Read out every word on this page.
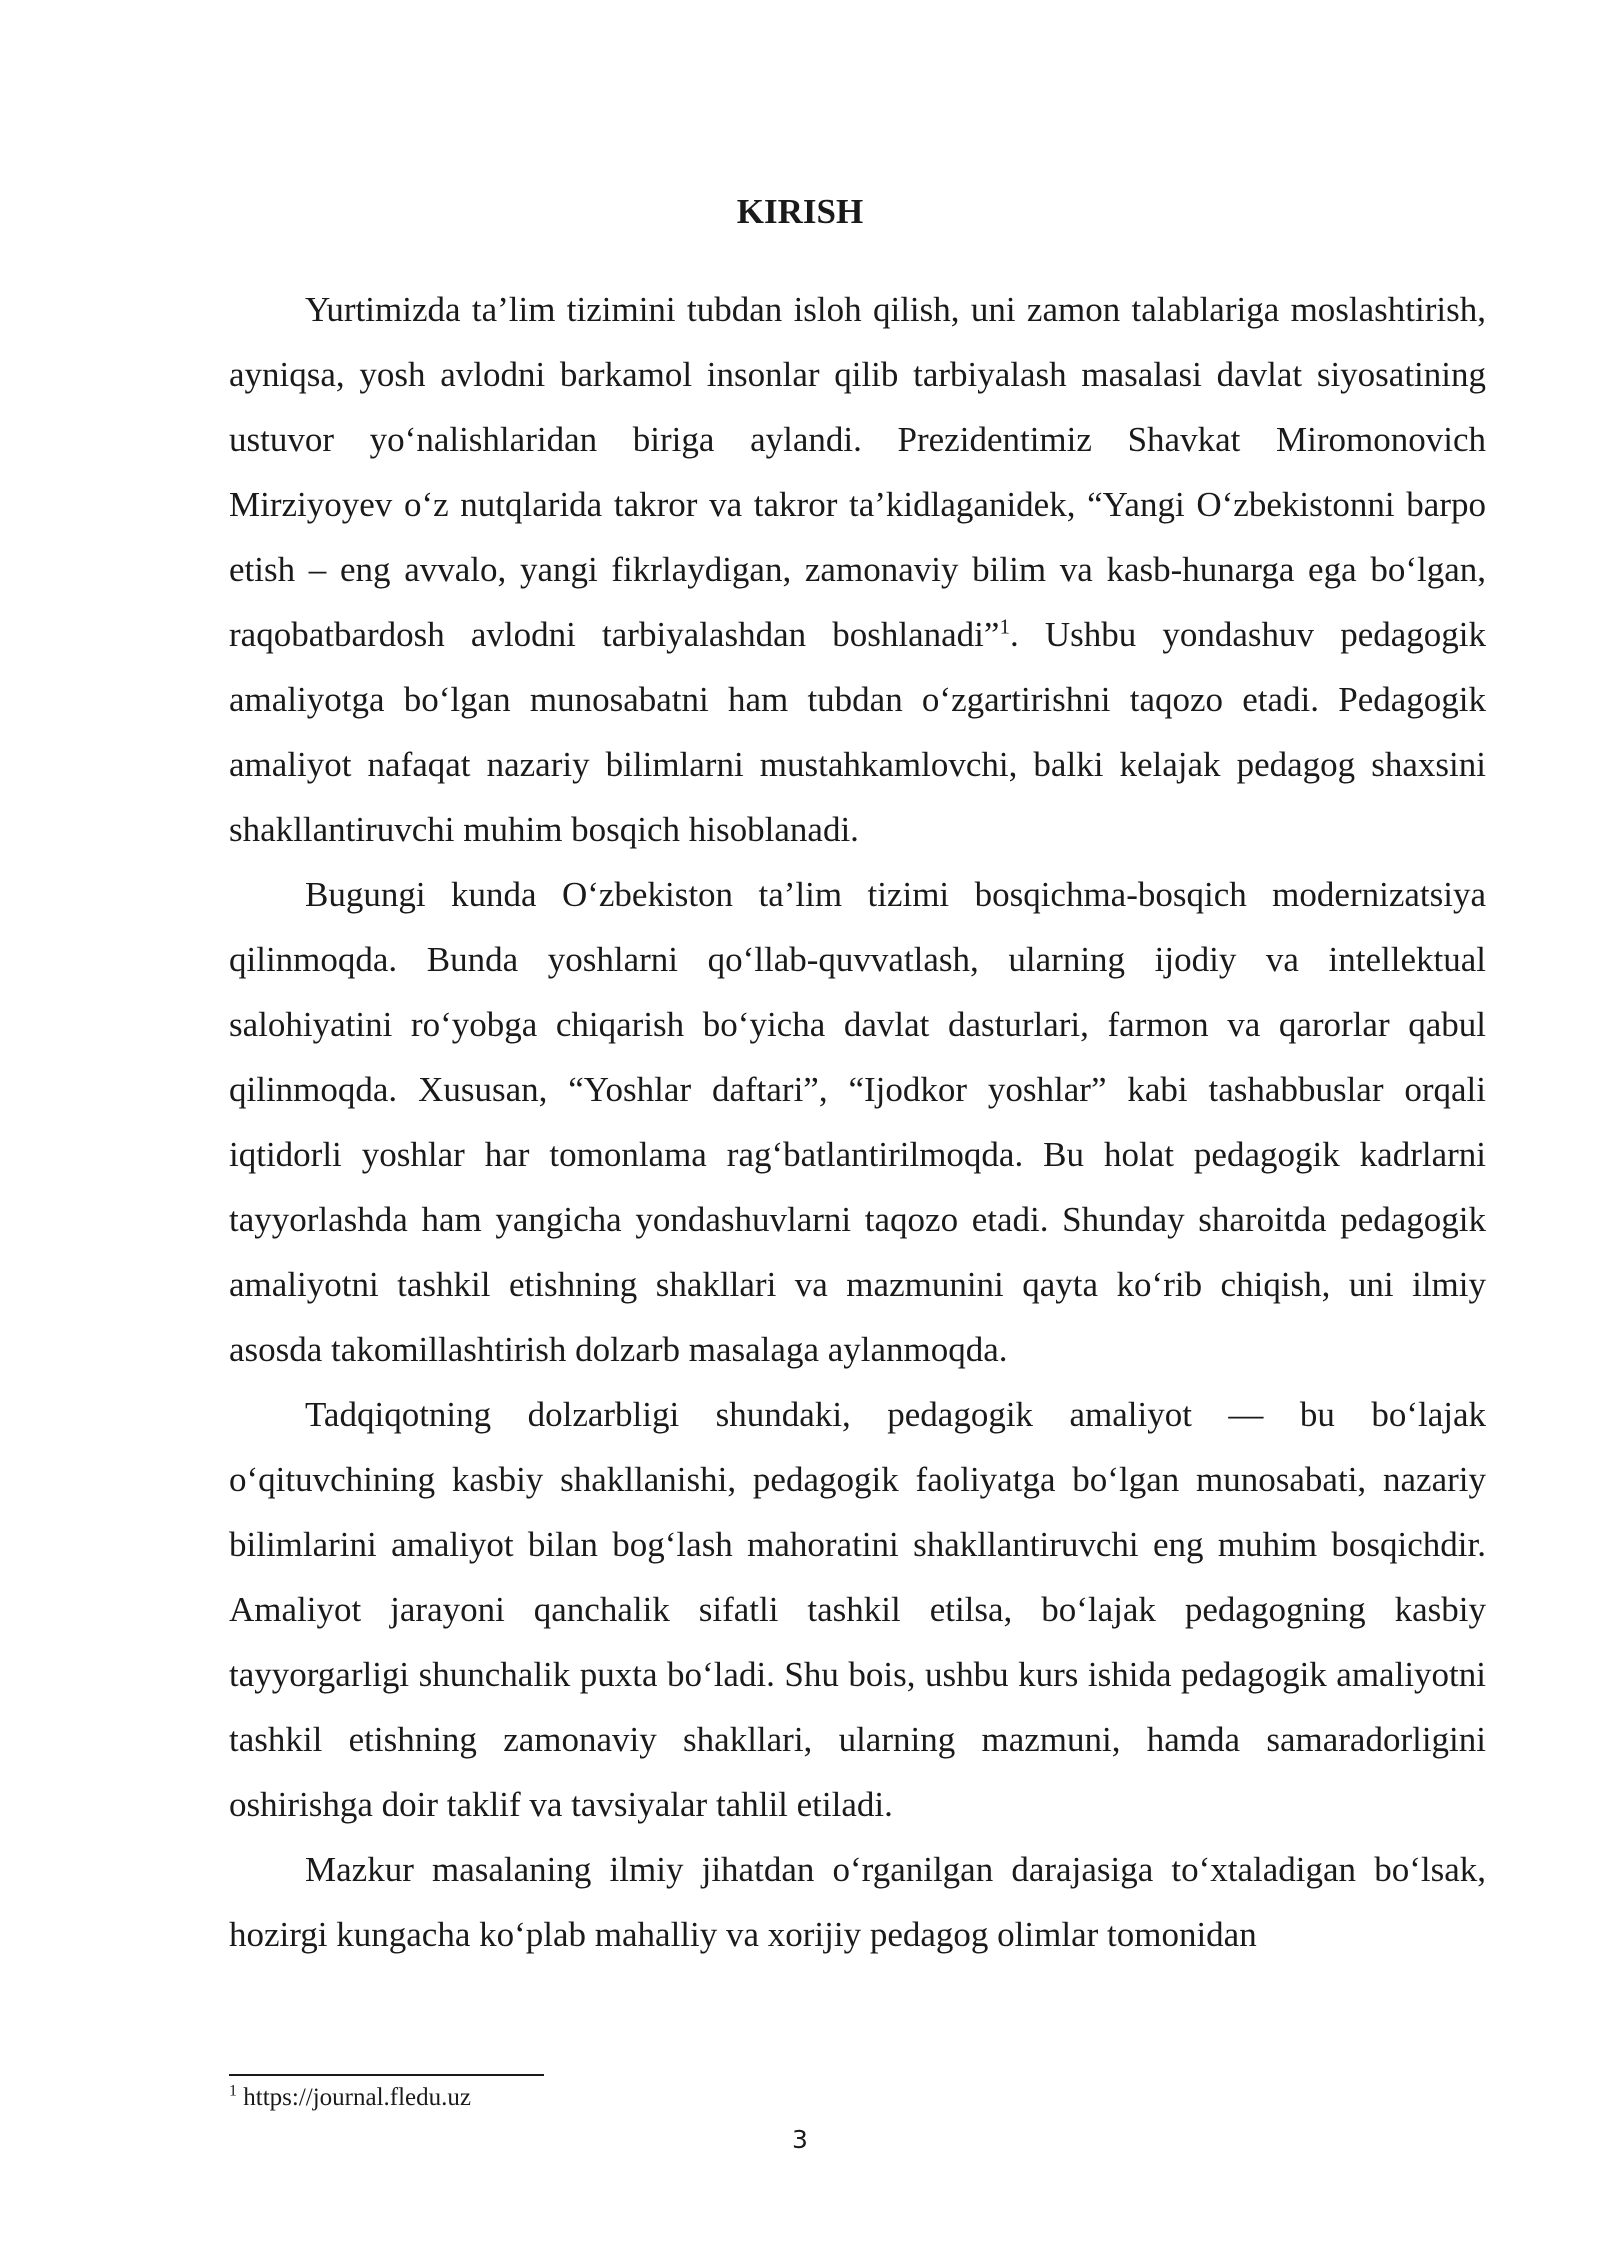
KIRISH

Yurtimizda ta’lim tizimini tubdan isloh qilish, uni zamon talablariga moslashtirish, ayniqsa, yosh avlodni barkamol insonlar qilib tarbiyalash masalasi davlat siyosatining ustuvor yo‘nalishlaridan biriga aylandi. Prezidentimiz Shavkat Miromonovich Mirziyoyev o‘z nutqlarida takror va takror ta’kidlaganidek, “Yangi O‘zbekistonni barpo etish – eng avvalo, yangi fikrlaydigan, zamonaviy bilim va kasb-hunarga ega bo‘lgan, raqobatbardosh avlodni tarbiyalashdan boshlanadi”$^1$. Ushbu yondashuv pedagogik amaliyotga bo‘lgan munosabatni ham tubdan o‘zgartirishni taqozo etadi. Pedagogik amaliyot nafaqat nazariy bilimlarni mustahkamlovchi, balki kelajak pedagog shaxsini shakllantiruvchi muhim bosqich hisoblanadi.

Bugungi kunda O‘zbekiston ta’lim tizimi bosqichma-bosqich modernizatsiya qilinmoqda. Bunda yoshlarni qo‘llab-quvvatlash, ularning ijodiy va intellektual salohiyatini ro‘yobga chiqarish bo‘yicha davlat dasturlari, farmon va qarorlar qabul qilinmoqda. Xususan, “Yoshlar daftari”, “Ijodkor yoshlar” kabi tashabbuslar orqali iqtidorli yoshlar har tomonlama rag‘batlantirilmoqda. Bu holat pedagogik kadrlarni tayyorlashda ham yangicha yondashuvlarni taqozo etadi. Shunday sharoitda pedagogik amaliyotni tashkil etishning shakllari va mazmunini qayta ko‘rib chiqish, uni ilmiy asosda takomillashtirish dolzarb masalaga aylanmoqda.

Tadqiqotning dolzarbligi shundaki, pedagogik amaliyot — bu bo‘lajak o‘qituvchining kasbiy shakllanishi, pedagogik faoliyatga bo‘lgan munosabati, nazariy bilimlarini amaliyot bilan bog‘lash mahoratini shakllantiruvchi eng muhim bosqichdir. Amaliyot jarayoni qanchalik sifatli tashkil etilsa, bo‘lajak pedagogning kasbiy tayyorgarligi shunchalik puxta bo‘ladi. Shu bois, ushbu kurs ishida pedagogik amaliyotni tashkil etishning zamonaviy shakllari, ularning mazmuni, hamda samaradorligini oshirishga doir taklif va tavsiyalar tahlil etiladi.

Mazkur masalaning ilmiy jihatdan o‘rganilgan darajasiga to‘xtaladigan bo‘lsak, hozirgi kungacha ko‘plab mahalliy va xorijiy pedagog olimlar tomonidan

$^1$ https://journal.fledu.uz

3
